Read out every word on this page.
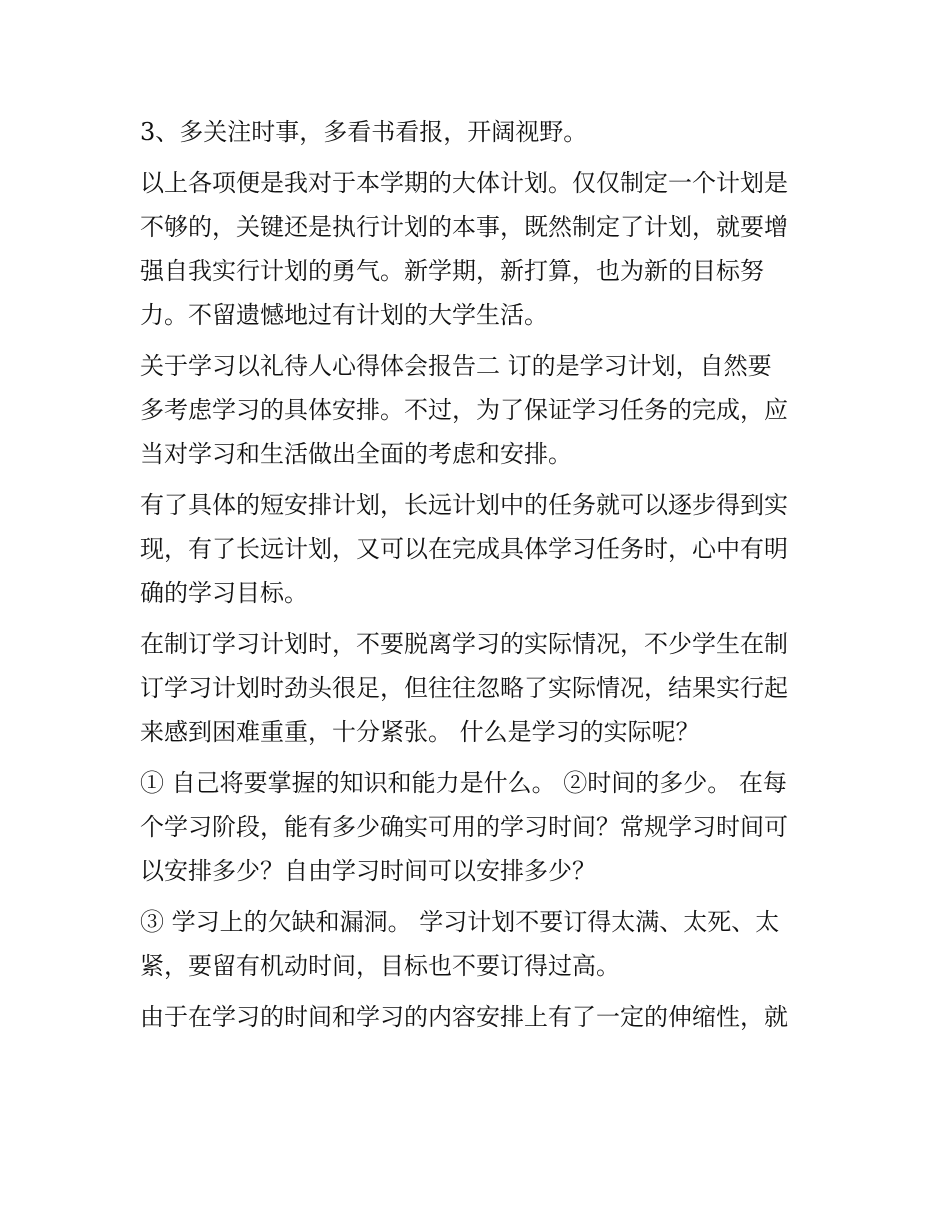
3、多关注时事，多看书看报，开阔视野。
以上各项便是我对于本学期的大体计划。仅仅制定一个计划是
不够的，关键还是执行计划的本事，既然制定了计划，就要增
强自我实行计划的勇气。新学期，新打算，也为新的目标努
力。不留遗憾地过有计划的大学生活。
关于学习以礼待人心得体会报告二 订的是学习计划，自然要
多考虑学习的具体安排。不过，为了保证学习任务的完成，应
当对学习和生活做出全面的考虑和安排。
有了具体的短安排计划，长远计划中的任务就可以逐步得到实
现，有了长远计划，又可以在完成具体学习任务时，心中有明
确的学习目标。
在制订学习计划时，不要脱离学习的实际情况，不少学生在制
订学习计划时劲头很足，但往往忽略了实际情况，结果实行起
来感到困难重重，十分紧张。 什么是学习的实际呢？
① 自己将要掌握的知识和能力是什么。 ②时间的多少。 在每
个学习阶段，能有多少确实可用的学习时间？常规学习时间可
以安排多少？自由学习时间可以安排多少？
③ 学习上的欠缺和漏洞。 学习计划不要订得太满、太死、太
紧，要留有机动时间，目标也不要订得过高。
由于在学习的时间和学习的内容安排上有了一定的伸缩性，就
